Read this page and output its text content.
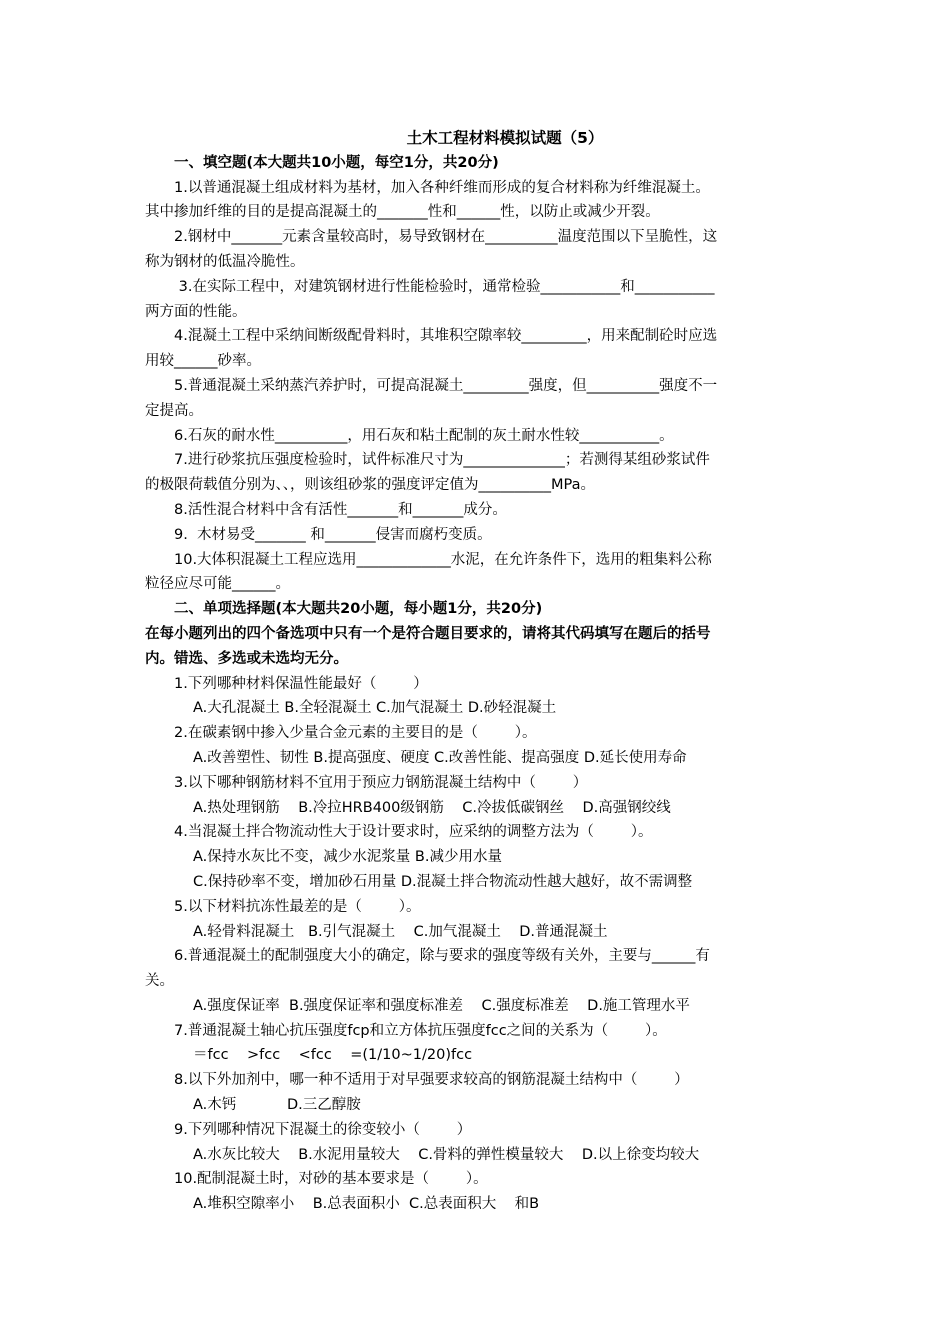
土木工程材料模拟试题（5）
一、填空题(本大题共10小题，每空1分，共20分)
1.以普通混凝土组成材料为基材，加入各种纤维而形成的复合材料称为纤维混凝土。
其中掺加纤维的目的是提高混凝土的_______性和______性，以防止或减少开裂。
2.钢材中_______元素含量较高时，易导致钢材在__________温度范围以下呈脆性，这
称为钢材的低温冷脆性。
3.在实际工程中，对建筑钢材进行性能检验时，通常检验___________和___________
两方面的性能。
4.混凝土工程中采纳间断级配骨料时，其堆积空隙率较_________，用来配制砼时应选
用较______砂率。
5.普通混凝土采纳蒸汽养护时，可提高混凝土_________强度，但__________强度不一
定提高。
6.石灰的耐水性__________，用石灰和粘土配制的灰土耐水性较___________。
7.进行砂浆抗压强度检验时，试件标准尺寸为______________；若测得某组砂浆试件
的极限荷载值分别为、、，则该组砂浆的强度评定值为__________MPa。
8.活性混合材料中含有活性_______和_______成分。
9.  木材易受_______ 和_______侵害而腐朽变质。
10.大体积混凝土工程应选用_____________水泥，在允许条件下，选用的粗集料公称
粒径应尽可能______。
二、单项选择题(本大题共20小题，每小题1分，共20分)
在每小题列出的四个备选项中只有一个是符合题目要求的，请将其代码填写在题后的括号
内。错选、多选或未选均无分。
1.下列哪种材料保温性能最好（        ）
A.大孔混凝土 B.全轻混凝土 C.加气混凝土 D.砂轻混凝土
2.在碳素钢中掺入少量合金元素的主要目的是（        ）。
A.改善塑性、韧性 B.提高强度、硬度 C.改善性能、提高强度 D.延长使用寿命
3.以下哪种钢筋材料不宜用于预应力钢筋混凝土结构中（        ）
A.热处理钢筋    B.冷拉HRB400级钢筋    C.冷拔低碳钢丝    D.高强钢绞线
4.当混凝土拌合物流动性大于设计要求时，应采纳的调整方法为（        ）。
A.保持水灰比不变，减少水泥浆量 B.减少用水量
C.保持砂率不变，增加砂石用量 D.混凝土拌合物流动性越大越好，故不需调整
5.以下材料抗冻性最差的是（        ）。
A.轻骨料混凝土   B.引气混凝土    C.加气混凝土    D.普通混凝土
6.普通混凝土的配制强度大小的确定，除与要求的强度等级有关外，主要与______有
关。
A.强度保证率  B.强度保证率和强度标准差    C.强度标准差    D.施工管理水平
7.普通混凝土轴心抗压强度fcp和立方体抗压强度fcc之间的关系为（        ）。
＝fcc    >fcc    <fcc    =(1/10~1/20)fcc
8.以下外加剂中，哪一种不适用于对早强要求较高的钢筋混凝土结构中（        ）
A.木钙           D.三乙醇胺
9.下列哪种情况下混凝土的徐变较小（        ）
A.水灰比较大    B.水泥用量较大    C.骨料的弹性模量较大    D.以上徐变均较大
10.配制混凝土时，对砂的基本要求是（        ）。
A.堆积空隙率小    B.总表面积小  C.总表面积大    和B
